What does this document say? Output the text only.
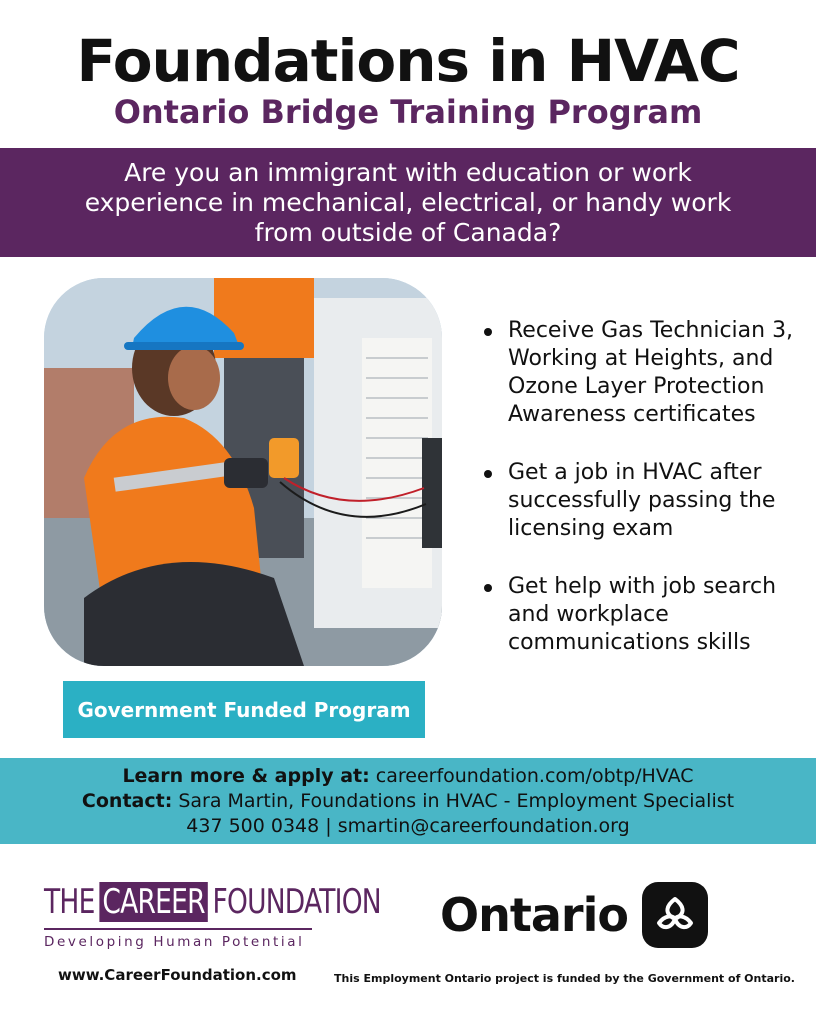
Foundations in HVAC
Ontario Bridge Training Program

Are you an immigrant with education or work experience in mechanical, electrical, or handy work from outside of Canada?

Receive Gas Technician 3, Working at Heights, and Ozone Layer Protection Awareness certificates
Get a job in HVAC after successfully passing the licensing exam
Get help with job search and workplace communications skills
Government Funded Program
Learn more & apply at: careerfoundation.com/obtp/HVAC
Contact: Sara Martin, Foundations in HVAC - Employment Specialist
437 500 0348 | smartin@careerfoundation.org
THE CAREER FOUNDATION
Developing Human Potential	Ontario
www.CareerFoundation.com	This Employment Ontario project is funded by the Government of Ontario.
